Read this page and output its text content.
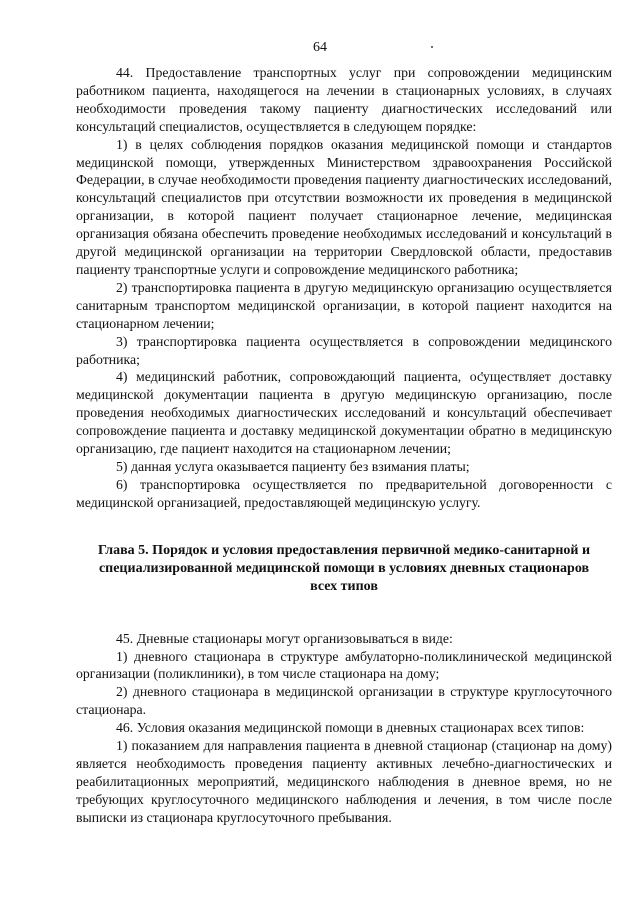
64

44. Предоставление транспортных услуг при сопровождении медицинским работником пациента, находящегося на лечении в стационарных условиях, в случаях необходимости проведения такому пациенту диагностических исследований или консультаций специалистов, осуществляется в следующем порядке:

1) в целях соблюдения порядков оказания медицинской помощи и стандартов медицинской помощи, утвержденных Министерством здравоохранения Российской Федерации, в случае необходимости проведения пациенту диагностических исследований, консультаций специалистов при отсутствии возможности их проведения в медицинской организации, в которой пациент получает стационарное лечение, медицинская организация обязана обеспечить проведение необходимых исследований и консультаций в другой медицинской организации на территории Свердловской области, предоставив пациенту транспортные услуги и сопровождение медицинского работника;

2) транспортировка пациента в другую медицинскую организацию осуществляется санитарным транспортом медицинской организации, в которой пациент находится на стационарном лечении;

3) транспортировка пациента осуществляется в сопровождении медицинского работника;

4) медицинский работник, сопровождающий пациента, осуществляет доставку медицинской документации пациента в другую медицинскую организацию, после проведения необходимых диагностических исследований и консультаций обеспечивает сопровождение пациента и доставку медицинской документации обратно в медицинскую организацию, где пациент находится на стационарном лечении;

5) данная услуга оказывается пациенту без взимания платы;

6) транспортировка осуществляется по предварительной договоренности с медицинской организацией, предоставляющей медицинскую услугу.

Глава 5. Порядок и условия предоставления первичной медико-санитарной и специализированной медицинской помощи в условиях дневных стационаров всех типов

45. Дневные стационары могут организовываться в виде:

1) дневного стационара в структуре амбулаторно-поликлинической медицинской организации (поликлиники), в том числе стационара на дому;

2) дневного стационара в медицинской организации в структуре круглосуточного стационара.

46. Условия оказания медицинской помощи в дневных стационарах всех типов:

1) показанием для направления пациента в дневной стационар (стационар на дому) является необходимость проведения пациенту активных лечебно-диагностических и реабилитационных мероприятий, медицинского наблюдения в дневное время, но не требующих круглосуточного медицинского наблюдения и лечения, в том числе после выписки из стационара круглосуточного пребывания.
